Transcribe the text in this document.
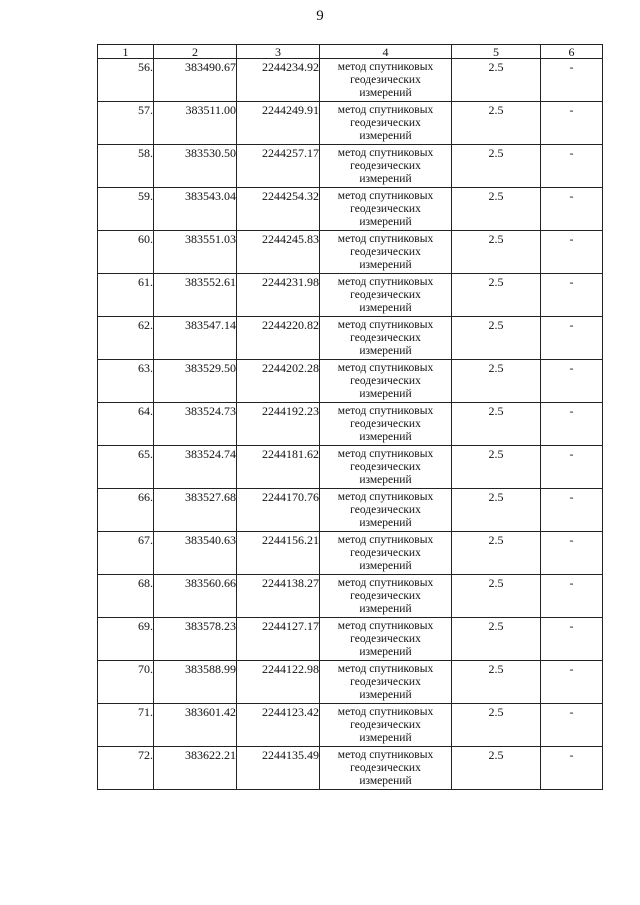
9
1	2	3	4	5	6
56.	383490.67	2244234.92	метод спутниковых
геодезических
измерений	2.5	-
57.	383511.00	2244249.91	метод спутниковых
геодезических
измерений	2.5	-
58.	383530.50	2244257.17	метод спутниковых
геодезических
измерений	2.5	-
59.	383543.04	2244254.32	метод спутниковых
геодезических
измерений	2.5	-
60.	383551.03	2244245.83	метод спутниковых
геодезических
измерений	2.5	-
61.	383552.61	2244231.98	метод спутниковых
геодезических
измерений	2.5	-
62.	383547.14	2244220.82	метод спутниковых
геодезических
измерений	2.5	-
63.	383529.50	2244202.28	метод спутниковых
геодезических
измерений	2.5	-
64.	383524.73	2244192.23	метод спутниковых
геодезических
измерений	2.5	-
65.	383524.74	2244181.62	метод спутниковых
геодезических
измерений	2.5	-
66.	383527.68	2244170.76	метод спутниковых
геодезических
измерений	2.5	-
67.	383540.63	2244156.21	метод спутниковых
геодезических
измерений	2.5	-
68.	383560.66	2244138.27	метод спутниковых
геодезических
измерений	2.5	-
69.	383578.23	2244127.17	метод спутниковых
геодезических
измерений	2.5	-
70.	383588.99	2244122.98	метод спутниковых
геодезических
измерений	2.5	-
71.	383601.42	2244123.42	метод спутниковых
геодезических
измерений	2.5	-
72.	383622.21	2244135.49	метод спутниковых
геодезических
измерений	2.5	-
